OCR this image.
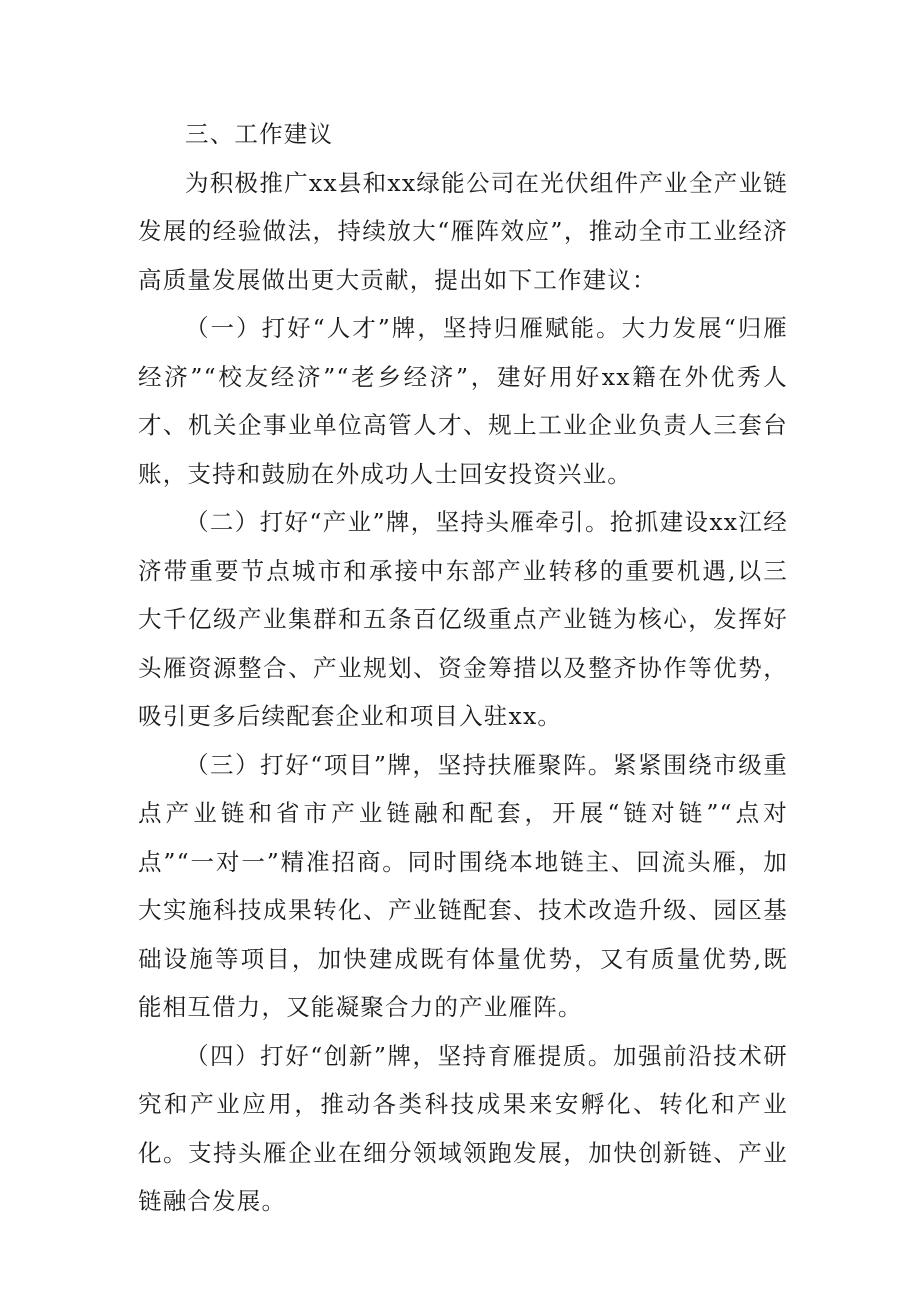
三、工作建议

为积极推广xx县和xx绿能公司在光伏组件产业全产业链发展的经验做法，持续放大“雁阵效应”，推动全市工业经济高质量发展做出更大贡献，提出如下工作建议：

（一）打好“人才”牌，坚持归雁赋能。大力发展“归雁经济”“校友经济”“老乡经济”，建好用好xx籍在外优秀人才、机关企事业单位高管人才、规上工业企业负责人三套台账，支持和鼓励在外成功人士回安投资兴业。

（二）打好“产业”牌，坚持头雁牵引。抢抓建设xx江经济带重要节点城市和承接中东部产业转移的重要机遇,以三大千亿级产业集群和五条百亿级重点产业链为核心，发挥好头雁资源整合、产业规划、资金筹措以及整齐协作等优势，吸引更多后续配套企业和项目入驻xx。

（三）打好“项目”牌，坚持扶雁聚阵。紧紧围绕市级重点产业链和省市产业链融和配套，开展“链对链”“点对点”“一对一”精准招商。同时围绕本地链主、回流头雁，加大实施科技成果转化、产业链配套、技术改造升级、园区基础设施等项目，加快建成既有体量优势，又有质量优势,既能相互借力，又能凝聚合力的产业雁阵。

（四）打好“创新”牌，坚持育雁提质。加强前沿技术研究和产业应用，推动各类科技成果来安孵化、转化和产业化。支持头雁企业在细分领域领跑发展，加快创新链、产业链融合发展。
